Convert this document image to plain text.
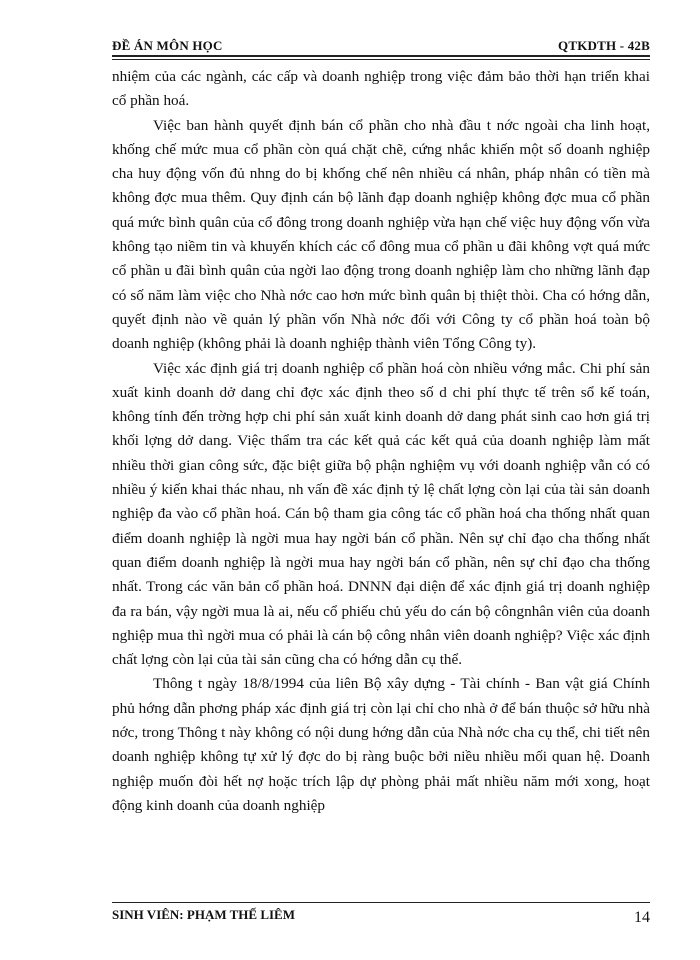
ĐỀ ÁN MÔN HỌC	QTKDTH - 42B

nhiệm của các ngành, các cấp và doanh nghiệp trong việc đảm bảo thời hạn triển khai cổ phần hoá.

Việc ban hành quyết định bán cổ phần cho nhà đầu t nớc ngoài cha linh hoạt, khống chế mức mua cổ phần còn quá chặt chẽ, cứng nhắc khiến một số doanh nghiệp cha huy động vốn đủ nhng do bị khống chế nên nhiều cá nhân, pháp nhân có tiền mà không đợc mua thêm. Quy định cán bộ lãnh đạp doanh nghiệp không đợc mua cổ phần quá mức bình quân của cổ đông trong doanh nghiệp vừa hạn chế việc huy động vốn vừa không tạo niềm tin và khuyến khích các cổ đông mua cổ phần u đãi không vợt quá mức cổ phần u đãi bình quân của ngời lao động trong doanh nghiệp làm cho những lãnh đạp có số năm làm việc cho Nhà nớc cao hơn mức bình quân bị thiệt thòi. Cha có hớng dẫn, quyết định nào về quản lý phần vốn Nhà nớc đối với Công ty cổ phần hoá toàn bộ doanh nghiệp (không phải là doanh nghiệp thành viên Tổng Công ty).

Việc xác định giá trị doanh nghiệp cổ phần hoá còn nhiều vớng mắc. Chi phí sản xuất kinh doanh dở dang chỉ đợc xác định theo số d chi phí thực tế trên sổ kế toán, không tính đến trờng hợp chi phí sản xuất kinh doanh dở dang phát sinh cao hơn giá trị khối lợng dở dang. Việc thẩm tra các kết quả các kết quả của doanh nghiệp làm mất nhiều thời gian công sức, đặc biệt giữa bộ phận nghiệm vụ với doanh nghiệp vẫn có có nhiều ý kiến khai thác nhau, nh vấn đề xác định tỷ lệ chất lợng còn lại của tài sản doanh nghiệp đa vào cổ phần hoá. Cán bộ tham gia công tác cổ phần hoá cha thống nhất quan điểm doanh nghiệp là ngời mua hay ngời bán cổ phần. Nên sự chỉ đạo cha thống nhất quan điểm doanh nghiệp là ngời mua hay ngời bán cổ phần, nên sự chỉ đạo cha thống nhất. Trong các văn bản cổ phần hoá. DNNN đại diện để xác định giá trị doanh nghiệp đa ra bán, vậy ngời mua là ai, nếu cổ phiếu chủ yếu do cán bộ côngnhân viên của doanh nghiệp mua thì ngời mua có phải là cán bộ công nhân viên doanh nghiệp? Việc xác định chất lợng còn lại của tài sản cũng cha có hớng dẫn cụ thể.

Thông t ngày 18/8/1994 của liên Bộ xây dựng - Tài chính - Ban vật giá Chính phủ hớng dẫn phơng pháp xác định giá trị còn lại chỉ cho nhà ở để bán thuộc sở hữu nhà nớc, trong Thông t này không có nội dung hớng dẫn của Nhà nớc cha cụ thể, chi tiết nên doanh nghiệp không tự xử lý đợc do bị ràng buộc bởi niều nhiều mối quan hệ. Doanh nghiệp muốn đòi hết nợ hoặc trích lập dự phòng phải mất nhiều năm mới xong, hoạt động kinh doanh của doanh nghiệp

SINH VIÊN: PHẠM THẾ LIÊM	14
